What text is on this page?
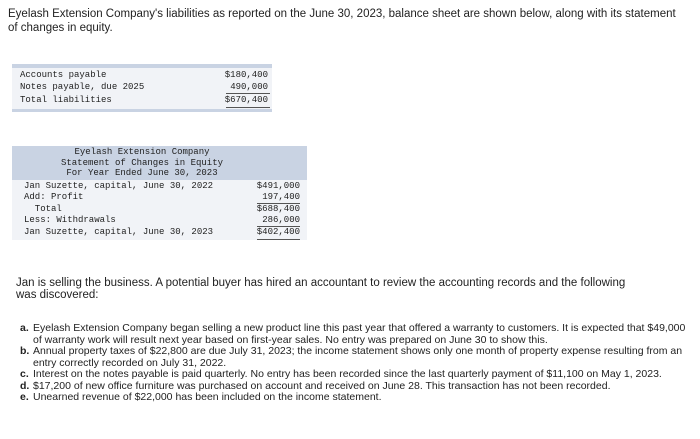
Eyelash Extension Company's liabilities as reported on the June 30, 2023, balance sheet are shown below, along with its statement of changes in equity.
Accounts payable	$180,400
Notes payable, due 2025	490,000
Total liabilities	$670,400
Eyelash Extension Company
Statement of Changes in Equity
For Year Ended June 30, 2023
Jan Suzette, capital, June 30, 2022	$491,000
Add: Profit	197,400
Total	$688,400
Less: Withdrawals	286,000
Jan Suzette, capital, June 30, 2023	$402,400
Jan is selling the business. A potential buyer has hired an accountant to review the accounting records and the following was discovered:
a. Eyelash Extension Company began selling a new product line this past year that offered a warranty to customers. It is expected that $49,000 of warranty work will result next year based on first-year sales. No entry was prepared on June 30 to show this.
b. Annual property taxes of $22,800 are due July 31, 2023; the income statement shows only one month of property expense resulting from an entry correctly recorded on July 31, 2022.
c. Interest on the notes payable is paid quarterly. No entry has been recorded since the last quarterly payment of $11,100 on May 1, 2023.
d. $17,200 of new office furniture was purchased on account and received on June 28. This transaction has not been recorded.
e. Unearned revenue of $22,000 has been included on the income statement.
